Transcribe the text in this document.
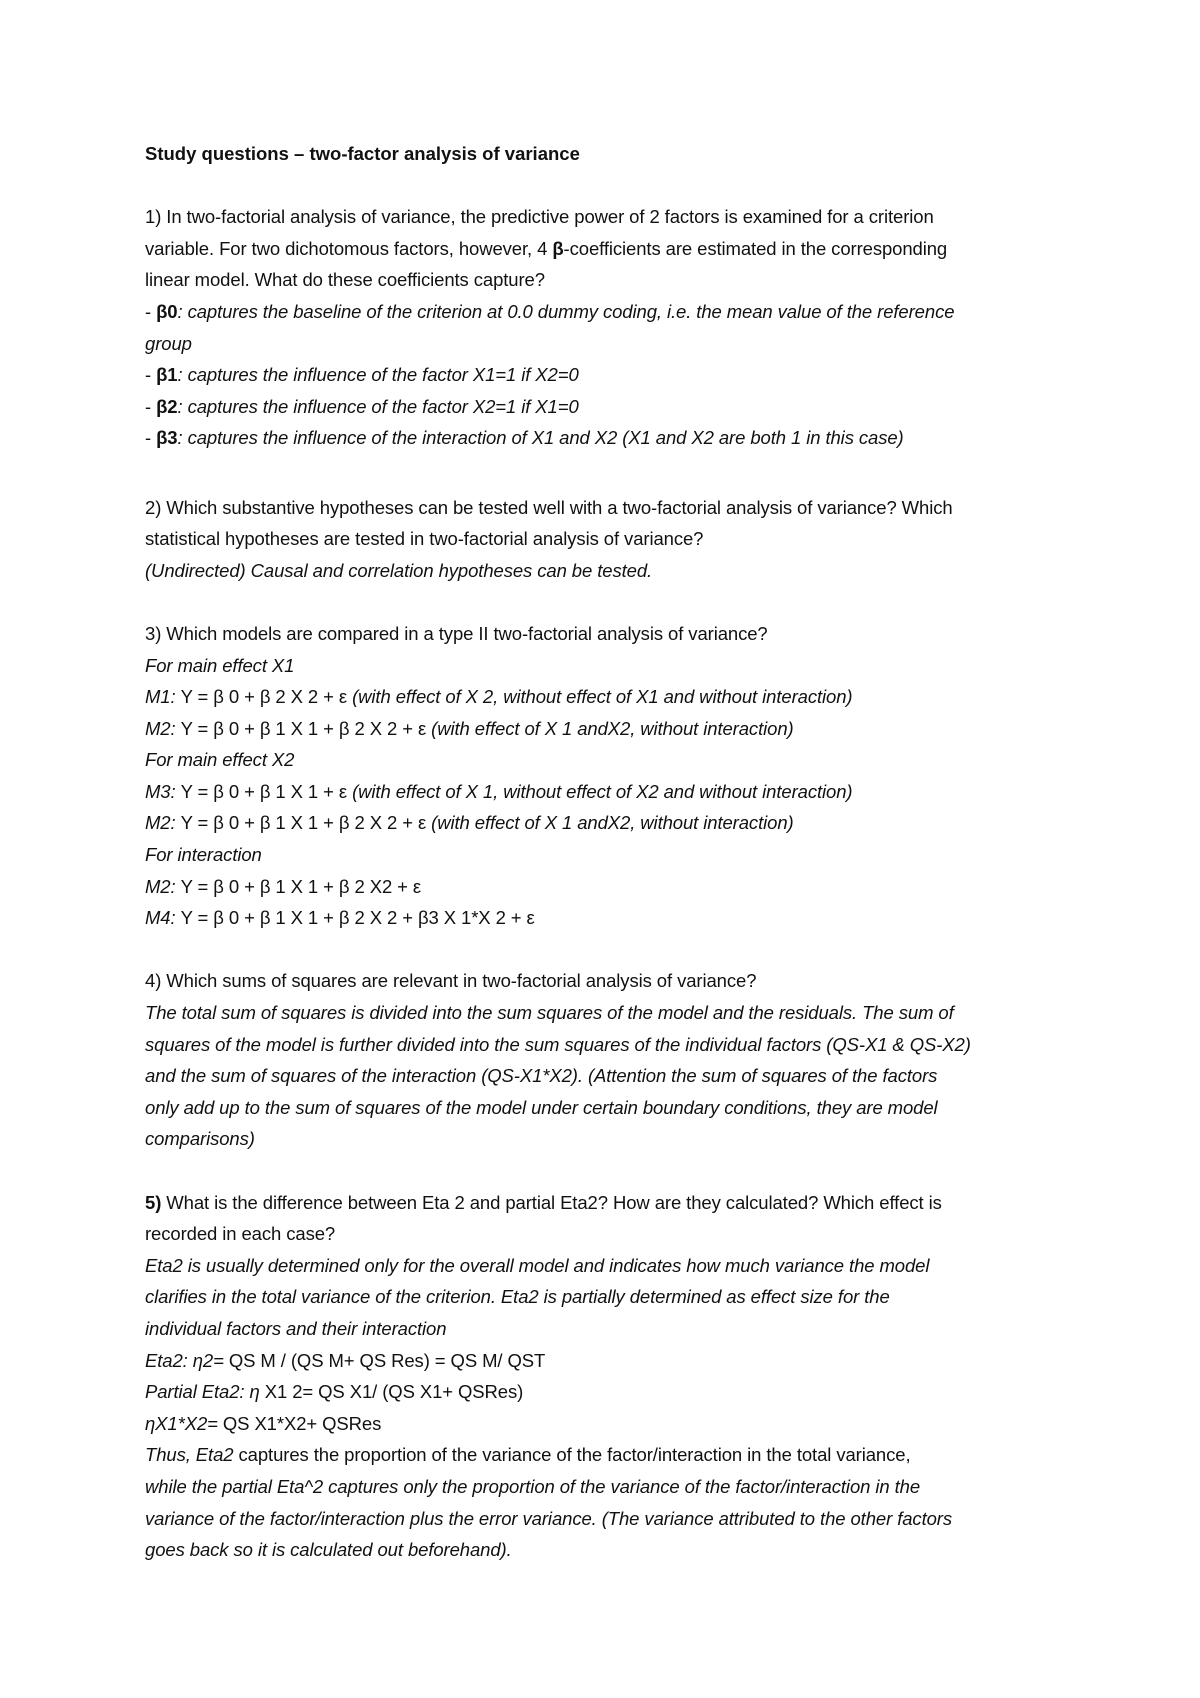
Study questions – two-factor analysis of variance
1) In two-factorial analysis of variance, the predictive power of 2 factors is examined for a criterion
variable. For two dichotomous factors, however, 4 β-coefficients are estimated in the corresponding
linear model. What do these coefficients capture?
- β0: captures the baseline of the criterion at 0.0 dummy coding, i.e. the mean value of the reference
group
- β1: captures the influence of the factor X1=1 if X2=0
- β2: captures the influence of the factor X2=1 if X1=0
- β3: captures the influence of the interaction of X1 and X2 (X1 and X2 are both 1 in this case)
2) Which substantive hypotheses can be tested well with a two-factorial analysis of variance? Which
statistical hypotheses are tested in two-factorial analysis of variance?
(Undirected) Causal and correlation hypotheses can be tested.
3) Which models are compared in a type II two-factorial analysis of variance?
For main effect X1
M1: Y = β 0 + β 2 X 2 + ε (with effect of X 2, without effect of X1 and without interaction)
M2: Y = β 0 + β 1 X 1 + β 2 X 2 + ε (with effect of X 1 andX2, without interaction)
For main effect X2
M3: Y = β 0 + β 1 X 1 + ε (with effect of X 1, without effect of X2 and without interaction)
M2: Y = β 0 + β 1 X 1 + β 2 X 2 + ε (with effect of X 1 andX2, without interaction)
For interaction
M2: Y = β 0 + β 1 X 1 + β 2 X2 + ε
M4: Y = β 0 + β 1 X 1 + β 2 X 2 + β3 X 1*X 2 + ε
4) Which sums of squares are relevant in two-factorial analysis of variance?
The total sum of squares is divided into the sum squares of the model and the residuals. The sum of
squares of the model is further divided into the sum squares of the individual factors (QS-X1 & QS-X2)
and the sum of squares of the interaction (QS-X1*X2). (Attention the sum of squares of the factors
only add up to the sum of squares of the model under certain boundary conditions, they are model
comparisons)
5) What is the difference between Eta 2 and partial Eta2? How are they calculated? Which effect is
recorded in each case?
Eta2 is usually determined only for the overall model and indicates how much variance the model
clarifies in the total variance of the criterion. Eta2 is partially determined as effect size for the
individual factors and their interaction
Eta2: η2= QS M / (QS M+ QS Res) = QS M/ QST
Partial Eta2: η X1 2= QS X1/ (QS X1+ QSRes)
ηX1*X2= QS X1*X2+ QSRes
Thus, Eta2 captures the proportion of the variance of the factor/interaction in the total variance,
while the partial Eta^2 captures only the proportion of the variance of the factor/interaction in the
variance of the factor/interaction plus the error variance. (The variance attributed to the other factors
goes back so it is calculated out beforehand).
